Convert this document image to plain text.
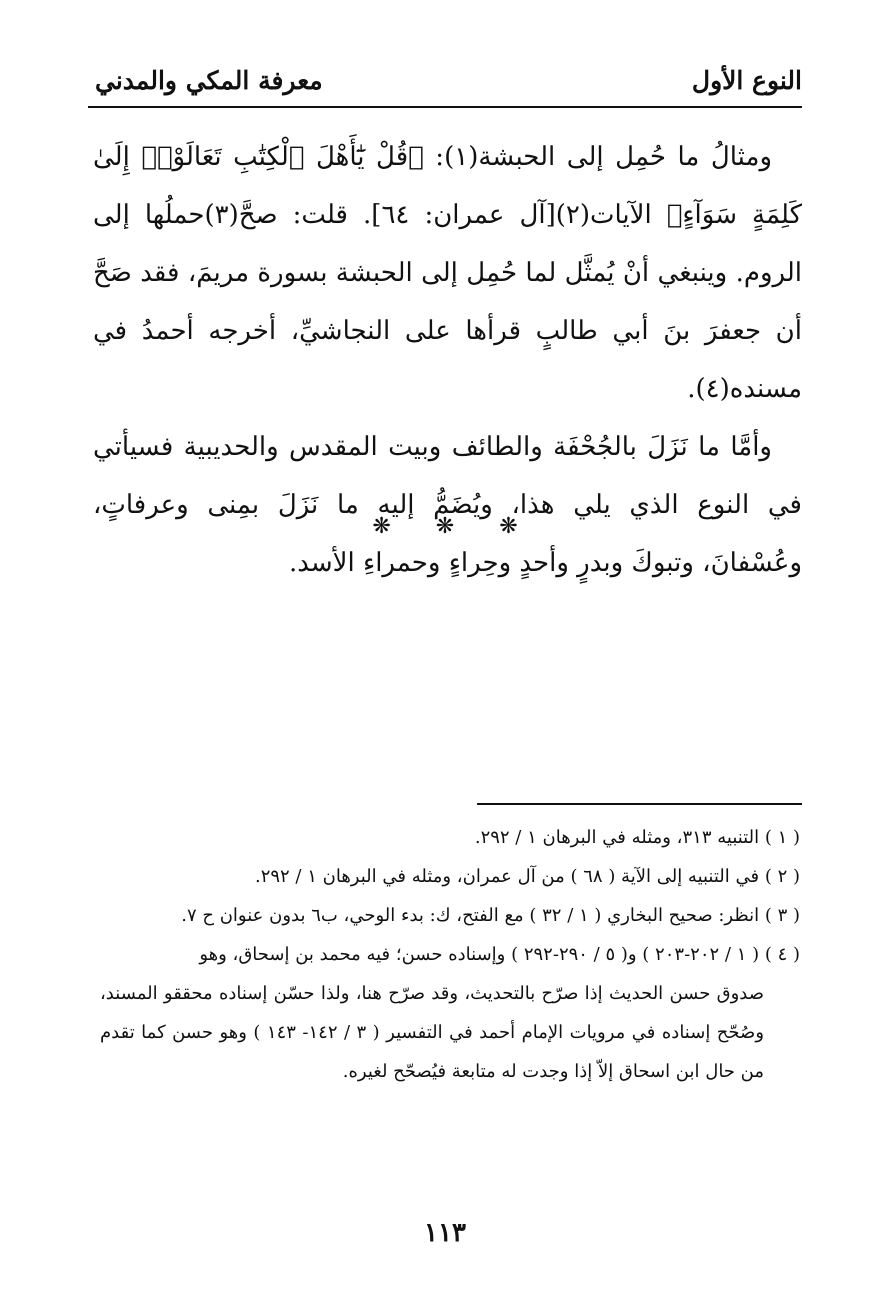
النوع الأول
معرفة المكي والمدني

ومثالُ ما حُمِل إلى الحبشة(١): ﴿قُلْ يَٰٓأَهْلَ ٱلْكِتَٰبِ تَعَالَوْا۟ إِلَىٰ كَلِمَةٍ سَوَآءٍ﴾ الآيات(٢)[آل عمران: ٦٤]. قلت: صحَّ(٣)حملُها إلى الروم. وينبغي أنْ يُمثَّل لما حُمِل إلى الحبشة بسورة مريمَ، فقد صَحَّ أن جعفرَ بنَ أبي طالبٍ قرأها على النجاشيِّ، أخرجه أحمدُ في مسنده(٤).

وأمَّا ما نَزَلَ بالجُحْفَة والطائف وبيت المقدس والحديبية فسيأتي في النوع الذي يلي هذا، ويُضَمُّ إليه ما نَزَلَ بمِنى وعرفاتٍ، وعُسْفانَ، وتبوكَ وبدرٍ وأحدٍ وحِراءٍ وحمراءِ الأسد.

❋ ❋ ❋

( ١ ) التنبيه ٣١٣، ومثله في البرهان ١ / ٢٩٢.

( ٢ ) في التنبيه إلى الآية ( ٦٨ ) من آل عمران، ومثله في البرهان ١ / ٢٩٢.

( ٣ ) انظر: صحيح البخاري ( ١ / ٣٢ ) مع الفتح، ك: بدء الوحي، ب٦ بدون عنوان ح ٧.

( ٤ ) ( ١ / ٢٠٢-٢٠٣ ) و( ٥ / ٢٩٠-٢٩٢ ) وإسناده حسن؛ فيه محمد بن إسحاق، وهو

صدوق حسن الحديث إذا صرّح بالتحديث، وقد صرّح هنا، ولذا حسّن إسناده محققو المسند، وصُحّح إسناده في مرويات الإمام أحمد في التفسير ( ٣ / ١٤٢- ١٤٣ ) وهو حسن كما تقدم من حال ابن اسحاق إلاّ إذا وجدت له متابعة فيُصحّح لغيره.

١١٣
